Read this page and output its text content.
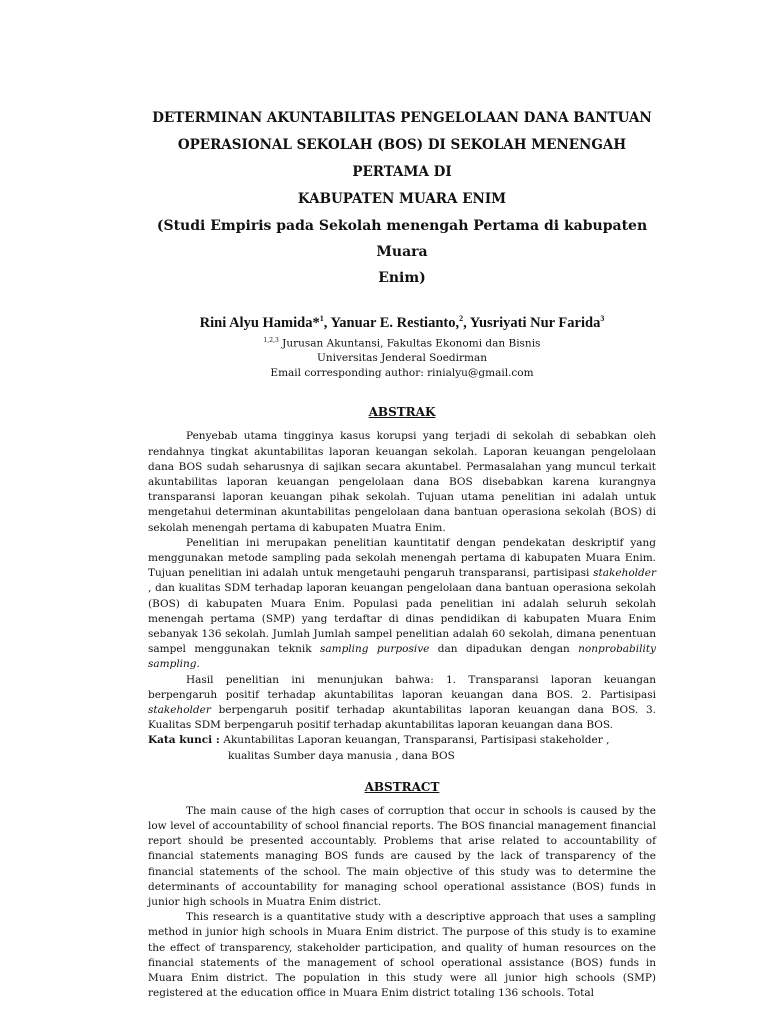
DETERMINAN AKUNTABILITAS PENGELOLAAN DANA BANTUAN

OPERASIONAL SEKOLAH (BOS) DI SEKOLAH MENENGAH PERTAMA DI

KABUPATEN MUARA ENIM

(Studi Empiris pada Sekolah menengah Pertama di kabupaten Muara

Enim)

Rini Alyu Hamida*$^1$, Yanuar E. Restianto,$^2$, Yusriyati Nur Farida$^3$
$^{1,2,3}$ Jurusan Akuntansi, Fakultas Ekonomi dan Bisnis
Universitas Jenderal Soedirman
Email corresponding author: rinialyu@gmail.com

ABSTRAK

Penyebab utama tingginya kasus korupsi yang terjadi di sekolah di sebabkan oleh rendahnya tingkat akuntabilitas laporan keuangan sekolah. Laporan keuangan pengelolaan dana BOS sudah seharusnya di sajikan secara akuntabel. Permasalahan yang muncul terkait akuntabilitas laporan keuangan pengelolaan dana BOS disebabkan karena kurangnya transparansi laporan keuangan pihak sekolah. Tujuan utama penelitian ini adalah untuk mengetahui determinan akuntabilitas pengelolaan dana bantuan operasiona sekolah (BOS) di sekolah menengah pertama di kabupaten Muatra Enim.

Penelitian ini merupakan penelitian kauntitatif dengan pendekatan deskriptif yang menggunakan metode sampling pada sekolah menengah pertama di kabupaten Muara Enim. Tujuan penelitian ini adalah untuk mengetauhi pengaruh transparansi, partisipasi stakeholder , dan kualitas SDM terhadap laporan keuangan pengelolaan dana bantuan operasiona sekolah (BOS) di kabupaten Muara Enim. Populasi pada penelitian ini adalah seluruh sekolah menengah pertama (SMP) yang terdaftar di dinas pendidikan di kabupaten Muara Enim sebanyak 136 sekolah. Jumlah Jumlah sampel penelitian adalah 60 sekolah, dimana penentuan sampel menggunakan teknik sampling purposive dan dipadukan dengan nonprobability sampling.

Hasil penelitian ini menunjukan bahwa: 1. Transparansi laporan keuangan berpengaruh positif terhadap akuntabilitas laporan keuangan dana BOS. 2. Partisipasi stakeholder berpengaruh positif terhadap akuntabilitas laporan keuangan dana BOS. 3. Kualitas SDM berpengaruh positif terhadap akuntabilitas laporan keuangan dana BOS.

Kata kunci : Akuntabilitas Laporan keuangan, Transparansi, Partisipasi stakeholder ,

kualitas Sumber daya manusia , dana BOS

ABSTRACT

The main cause of the high cases of corruption that occur in schools is caused by the low level of accountability of school financial reports. The BOS financial management financial report should be presented accountably. Problems that arise related to accountability of financial statements managing BOS funds are caused by the lack of transparency of the financial statements of the school. The main objective of this study was to determine the determinants of accountability for managing school operational assistance (BOS) funds in junior high schools in Muatra Enim district.

This research is a quantitative study with a descriptive approach that uses a sampling method in junior high schools in Muara Enim district. The purpose of this study is to examine the effect of transparency, stakeholder participation, and quality of human resources on the financial statements of the management of school operational assistance (BOS) funds in Muara Enim district. The population in this study were all junior high schools (SMP) registered at the education office in Muara Enim district totaling 136 schools. Total
